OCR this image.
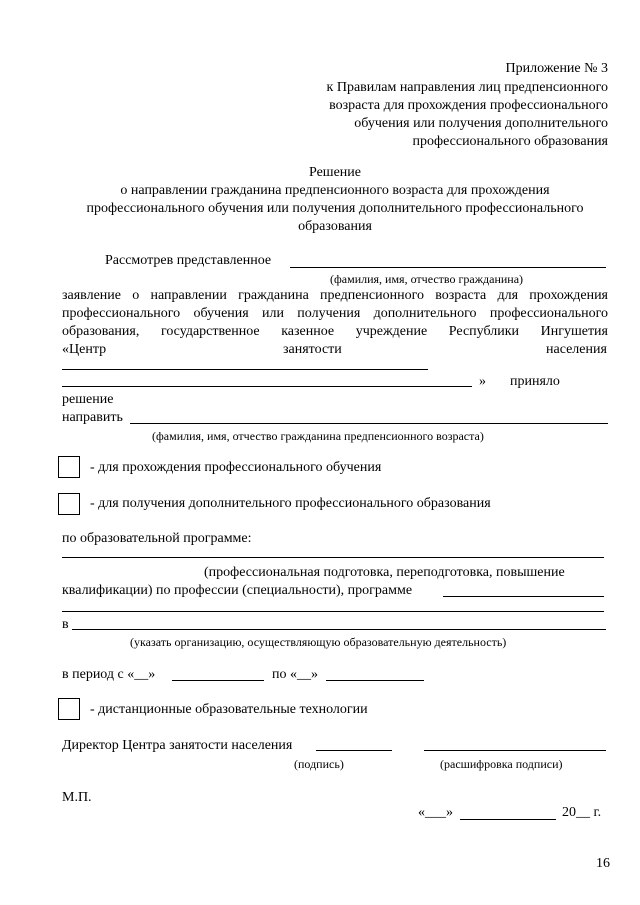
Приложение № 3
к Правилам направления лиц предпенсионного
возраста для прохождения профессионального
обучения или получения дополнительного
профессионального образования
Решение
о направлении гражданина предпенсионного возраста для прохождения
профессионального обучения или получения дополнительного профессионального
образования
Рассмотрев представленное
(фамилия, имя, отчество гражданина)
заявление о направлении гражданина предпенсионного возраста для прохождения
профессионального обучения или получения дополнительного профессионального
образования, государственное казенное учреждение Республики Ингушетия
«Центр	занятости	населения
» приняло
решение
направить
(фамилия, имя, отчество гражданина предпенсионного возраста)
- для прохождения профессионального обучения
- для получения дополнительного профессионального образования
по образовательной программе:
(профессиональная подготовка, переподготовка, повышение
квалификации) по профессии (специальности), программе
в
(указать организацию, осуществляющую образовательную деятельность)
в период с «__»	по «__»
- дистанционные образовательные технологии
Директор Центра занятости населения
(подпись)	(расшифровка подписи)
М.П.
«___»	20__ г.
16
